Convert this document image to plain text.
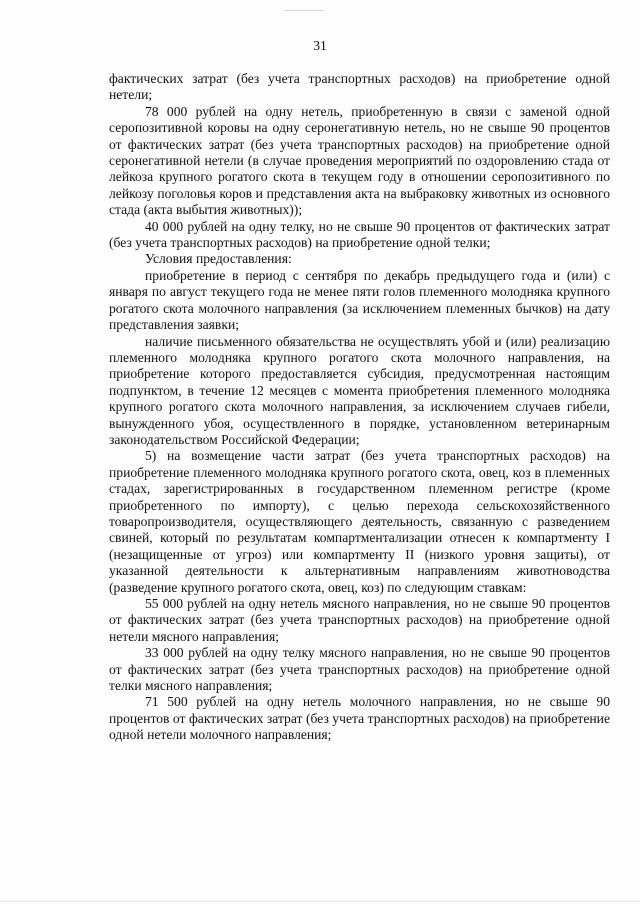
31

фактических затрат (без учета транспортных расходов) на приобретение одной нетели;

78 000 рублей на одну нетель, приобретенную в связи с заменой одной серопозитивной коровы на одну серонегативную нетель, но не свыше 90 процентов от фактических затрат (без учета транспортных расходов) на приобретение одной серонегативной нетели (в случае проведения мероприятий по оздоровлению стада от лейкоза крупного рогатого скота в текущем году в отношении серопозитивного по лейкозу поголовья коров и представления акта на выбраковку животных из основного стада (акта выбытия животных));

40 000 рублей на одну телку, но не свыше 90 процентов от фактических затрат (без учета транспортных расходов) на приобретение одной телки;

Условия предоставления:

приобретение в период с сентября по декабрь предыдущего года и (или) с января по август текущего года не менее пяти голов племенного молодняка крупного рогатого скота молочного направления (за исключением племенных бычков) на дату представления заявки;

наличие письменного обязательства не осуществлять убой и (или) реализацию племенного молодняка крупного рогатого скота молочного направления, на приобретение которого предоставляется субсидия, предусмотренная настоящим подпунктом, в течение 12 месяцев с момента приобретения племенного молодняка крупного рогатого скота молочного направления, за исключением случаев гибели, вынужденного убоя, осуществленного в порядке, установленном ветеринарным законодательством Российской Федерации;

5) на возмещение части затрат (без учета транспортных расходов) на приобретение племенного молодняка крупного рогатого скота, овец, коз в племенных стадах, зарегистрированных в государственном племенном регистре (кроме приобретенного по импорту), с целью перехода сельскохозяйственного товаропроизводителя, осуществляющего деятельность, связанную с разведением свиней, который по результатам компартментализации отнесен к компартменту I (незащищенные от угроз) или компартменту II (низкого уровня защиты), от указанной деятельности к альтернативным направлениям животноводства (разведение крупного рогатого скота, овец, коз) по следующим ставкам:

55 000 рублей на одну нетель мясного направления, но не свыше 90 процентов от фактических затрат (без учета транспортных расходов) на приобретение одной нетели мясного направления;

33 000 рублей на одну телку мясного направления, но не свыше 90 процентов от фактических затрат (без учета транспортных расходов) на приобретение одной телки мясного направления;

71 500 рублей на одну нетель молочного направления, но не свыше 90 процентов от фактических затрат (без учета транспортных расходов) на приобретение одной нетели молочного направления;
